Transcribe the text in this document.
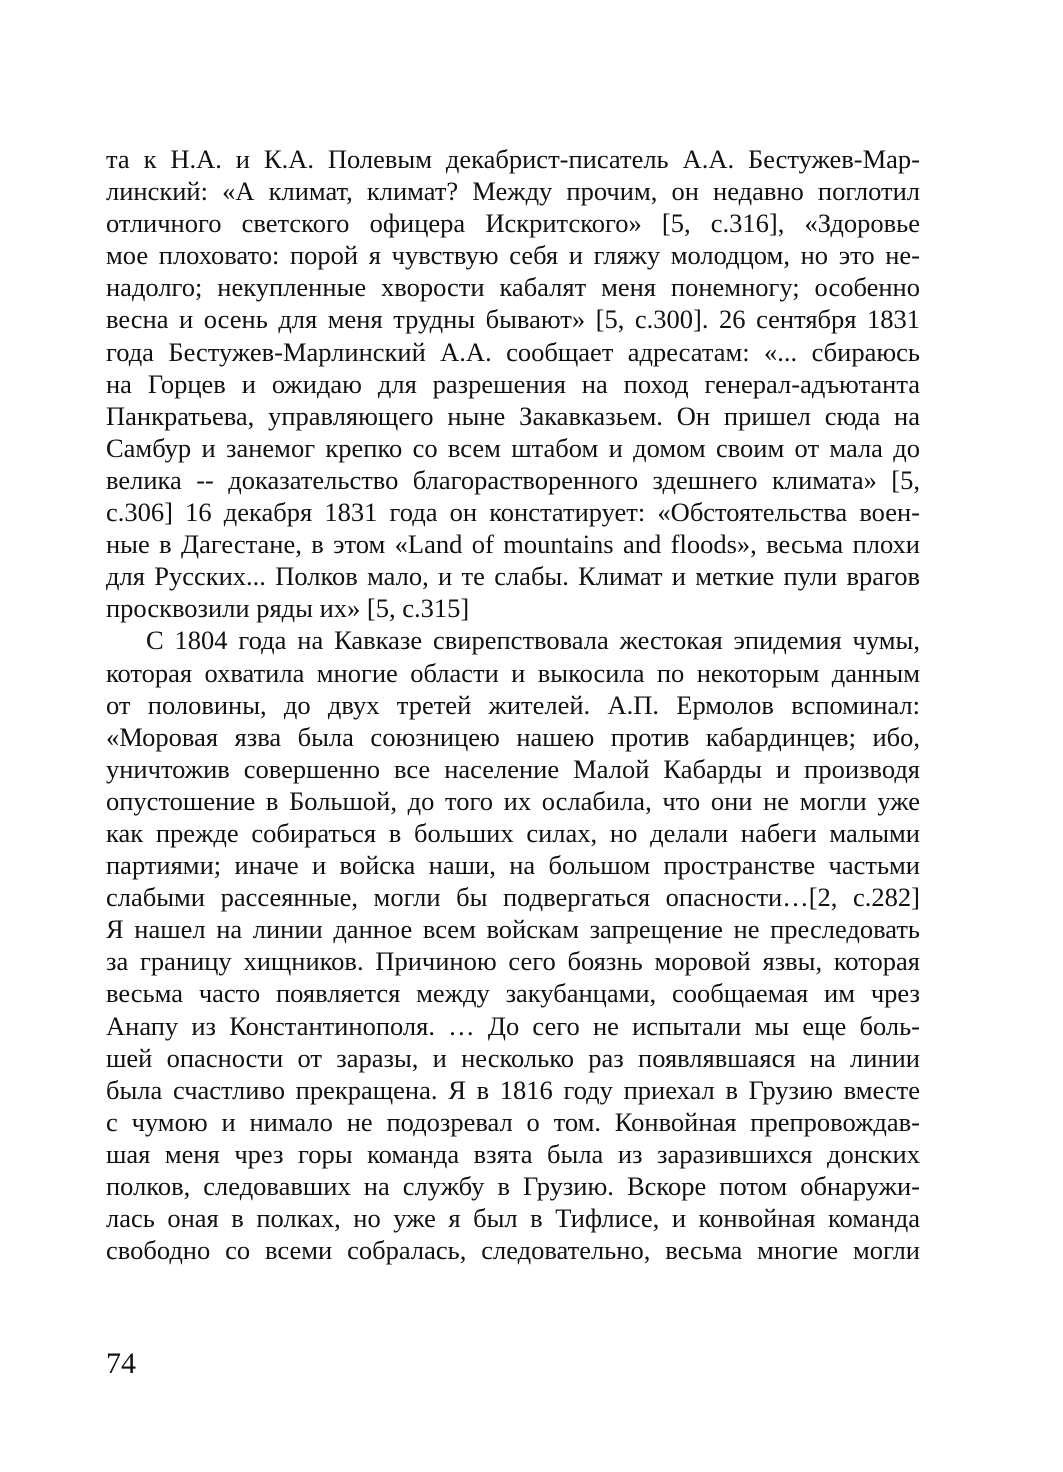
та к Н.А. и К.А. Полевым декабрист-писатель А.А. Бестужев-Мар-
линский: «А климат, климат? Между прочим, он недавно поглотил
отличного светского офицера Искритского» [5, с.316], «Здоровье
мое плоховато: порой я чувствую себя и гляжу молодцом, но это не-
надолго; некупленные хворости кабалят меня понемногу; особенно
весна и осень для меня трудны бывают» [5, с.300]. 26 сентября 1831
года Бестужев-Марлинский А.А. сообщает адресатам: «... сбираюсь
на Горцев и ожидаю для разрешения на поход генерал-адъютанта
Панкратьева, управляющего ныне Закавказьем. Он пришел сюда на
Самбур и занемог крепко со всем штабом и домом своим от мала до
велика -- доказательство благорастворенного здешнего климата» [5,
с.306] 16 декабря 1831 года он констатирует: «Обстоятельства воен-
ные в Дагестане, в этом «Land of mountains and floods», весьма плохи
для Русских... Полков мало, и те слабы. Климат и меткие пули врагов
просквозили ряды их» [5, с.315]
С 1804 года на Кавказе свирепствовала жестокая эпидемия чумы,
которая охватила многие области и выкосила по некоторым данным
от половины, до двух третей жителей. А.П. Ермолов вспоминал:
«Моровая язва была союзницею нашею против кабардинцев; ибо,
уничтожив совершенно все население Малой Кабарды и производя
опустошение в Большой, до того их ослабила, что они не могли уже
как прежде собираться в больших силах, но делали набеги малыми
партиями; иначе и войска наши, на большом пространстве частьми
слабыми рассеянные, могли бы подвергаться опасности…[2, с.282]
Я нашел на линии данное всем войскам запрещение не преследовать
за границу хищников. Причиною сего боязнь моровой язвы, которая
весьма часто появляется между закубанцами, сообщаемая им чрез
Анапу из Константинополя. … До сего не испытали мы еще боль-
шей опасности от заразы, и несколько раз появлявшаяся на линии
была счастливо прекращена. Я в 1816 году приехал в Грузию вместе
с чумою и нимало не подозревал о том. Конвойная препровождав-
шая меня чрез горы команда взята была из заразившихся донских
полков, следовавших на службу в Грузию. Вскоре потом обнаружи-
лась оная в полках, но уже я был в Тифлисе, и конвойная команда
свободно со всеми собралась, следовательно, весьма многие могли
74
